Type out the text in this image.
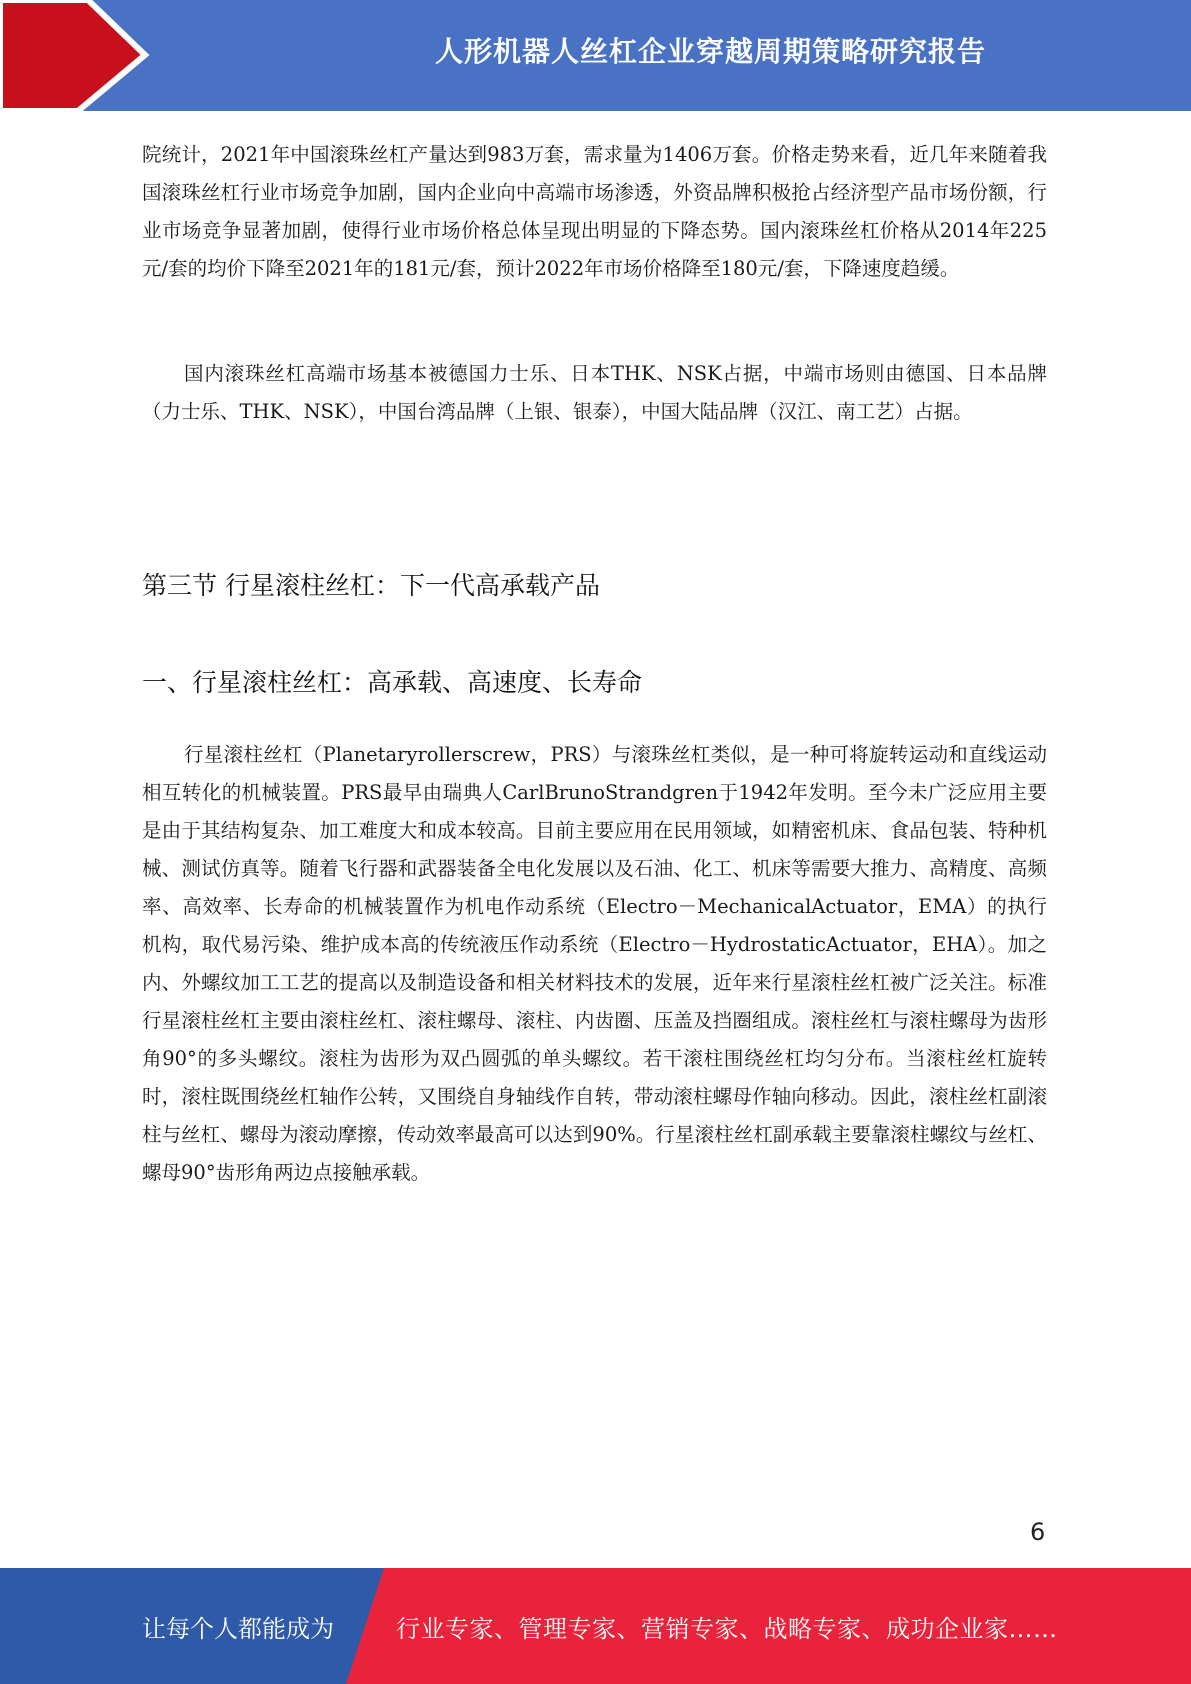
人形机器人丝杠企业穿越周期策略研究报告

院统计，2021年中国滚珠丝杠产量达到983万套，需求量为1406万套。价格走势来看，近几年来随着我国滚珠丝杠行业市场竞争加剧，国内企业向中高端市场渗透，外资品牌积极抢占经济型产品市场份额，行业市场竞争显著加剧，使得行业市场价格总体呈现出明显的下降态势。国内滚珠丝杠价格从2014年225元/套的均价下降至2021年的181元/套，预计2022年市场价格降至180元/套，下降速度趋缓。

国内滚珠丝杠高端市场基本被德国力士乐、日本THK、NSK占据，中端市场则由德国、日本品牌（力士乐、THK、NSK），中国台湾品牌（上银、银泰），中国大陆品牌（汉江、南工艺）占据。

第三节 行星滚柱丝杠：下一代高承载产品
一、行星滚柱丝杠：高承载、高速度、长寿命

行星滚柱丝杠（Planetaryrollerscrew，PRS）与滚珠丝杠类似，是一种可将旋转运动和直线运动相互转化的机械装置。PRS最早由瑞典人CarlBrunoStrandgren于1942年发明。至今未广泛应用主要是由于其结构复杂、加工难度大和成本较高。目前主要应用在民用领域，如精密机床、食品包装、特种机械、测试仿真等。随着飞行器和武器装备全电化发展以及石油、化工、机床等需要大推力、高精度、高频率、高效率、长寿命的机械装置作为机电作动系统（Electro－MechanicalActuator，EMA）的执行机构，取代易污染、维护成本高的传统液压作动系统（Electro－HydrostaticActuator，EHA）。加之内、外螺纹加工工艺的提高以及制造设备和相关材料技术的发展，近年来行星滚柱丝杠被广泛关注。标准行星滚柱丝杠主要由滚柱丝杠、滚柱螺母、滚柱、内齿圈、压盖及挡圈组成。滚柱丝杠与滚柱螺母为齿形角90°的多头螺纹。滚柱为齿形为双凸圆弧的单头螺纹。若干滚柱围绕丝杠均匀分布。当滚柱丝杠旋转时，滚柱既围绕丝杠轴作公转，又围绕自身轴线作自转，带动滚柱螺母作轴向移动。因此，滚柱丝杠副滚柱与丝杠、螺母为滚动摩擦，传动效率最高可以达到90%。行星滚柱丝杠副承载主要靠滚柱螺纹与丝杠、螺母90°齿形角两边点接触承载。

6
让每个人都能成为	行业专家、管理专家、营销专家、战略专家、成功企业家……
